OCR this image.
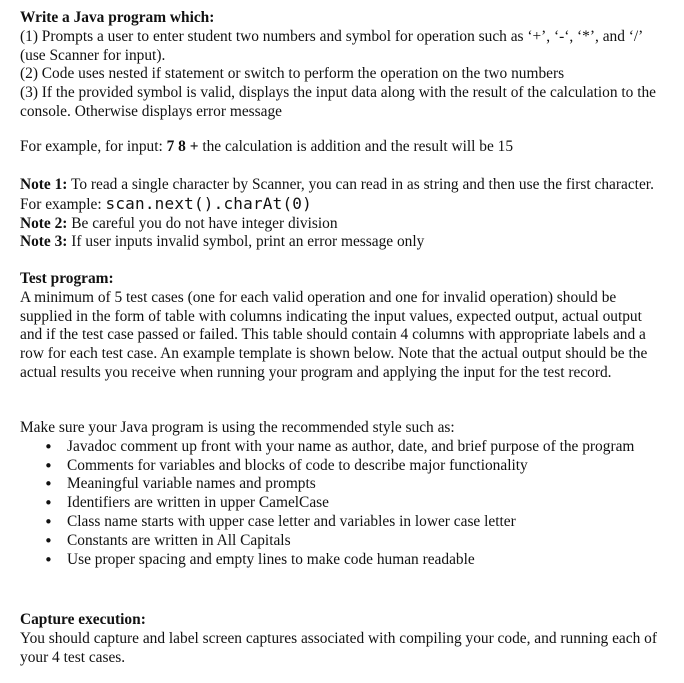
Write a Java program which:

(1) Prompts a user to enter student two numbers and symbol for operation such as ‘+’, ‘-‘, ‘*’, and ‘/’ (use Scanner for input).

(2) Code uses nested if statement or switch to perform the operation on the two numbers

(3) If the provided symbol is valid, displays the input data along with the result of the calculation to the console. Otherwise displays error message

For example, for input: 7 8 + the calculation is addition and the result will be 15

Note 1: To read a single character by Scanner, you can read in as string and then use the first character. For example: scan.next().charAt(0)

Note 2: Be careful you do not have integer division

Note 3: If user inputs invalid symbol, print an error message only

Test program:

A minimum of 5 test cases (one for each valid operation and one for invalid operation) should be supplied in the form of table with columns indicating the input values, expected output, actual output and if the test case passed or failed. This table should contain 4 columns with appropriate labels and a row for each test case. An example template is shown below. Note that the actual output should be the actual results you receive when running your program and applying the input for the test record.

Make sure your Java program is using the recommended style such as:

• Javadoc comment up front with your name as author, date, and brief purpose of the program
• Comments for variables and blocks of code to describe major functionality
• Meaningful variable names and prompts
• Identifiers are written in upper CamelCase
• Class name starts with upper case letter and variables in lower case letter
• Constants are written in All Capitals
• Use proper spacing and empty lines to make code human readable

Capture execution:

You should capture and label screen captures associated with compiling your code, and running each of your 4 test cases.
